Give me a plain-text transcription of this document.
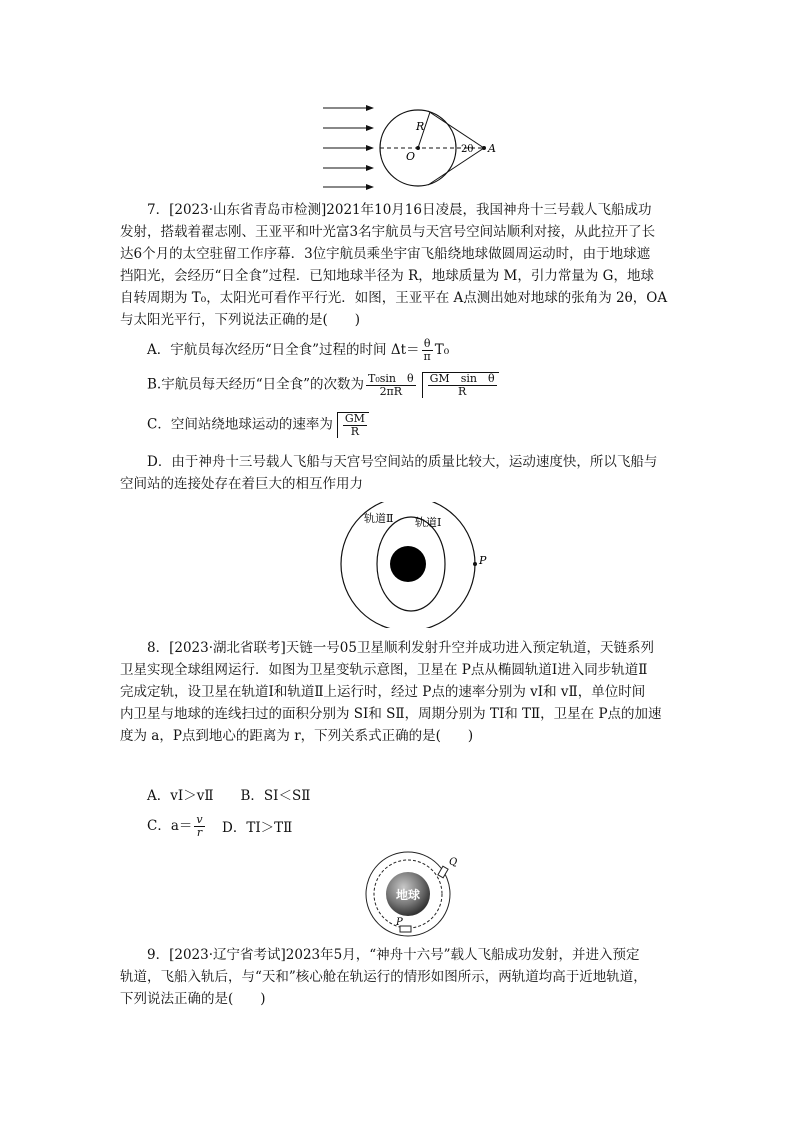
R
O
A
2θ
7．[2023·山东省青岛市检测]2021年10月16日凌晨，我国神舟十三号载人飞船成功
发射，搭载着翟志刚、王亚平和叶光富3名宇航员与天宫号空间站顺利对接，从此拉开了长
达6个月的太空驻留工作序幕．3位宇航员乘坐宇宙飞船绕地球做圆周运动时，由于地球遮
挡阳光，会经历“日全食”过程．已知地球半径为 R，地球质量为 M，引力常量为 G，地球
自转周期为 T₀，太阳光可看作平行光．如图，王亚平在 A点测出她对地球的张角为 2θ，OA
与太阳光平行，下列说法正确的是(　　)
A．宇航员每次经历“日全食”过程的时间 $\Delta t= \frac{\theta}{\pi} T_0$
B.宇航员每天经历“日全食”的次数为 $\frac{\text{T₀sin　θ}}{2\pi R} \frac{\text{GM　sin　θ}}{R}$
C．空间站绕地球运动的速率为 $\frac{GM}{R}$
D．由于神舟十三号载人飞船与天宫号空间站的质量比较大，运动速度快，所以飞船与
空间站的连接处存在着巨大的相互作用力
轨道Ⅱ 轨道Ⅰ
P
8．[2023·湖北省联考]天链一号05卫星顺利发射升空并成功进入预定轨道，天链系列
卫星实现全球组网运行．如图为卫星变轨示意图，卫星在 P点从椭圆轨道Ⅰ进入同步轨道Ⅱ
完成定轨，设卫星在轨道Ⅰ和轨道Ⅱ上运行时，经过 P点的速率分别为 vⅠ和 vⅡ，单位时间
内卫星与地球的连线扫过的面积分别为 SⅠ和 SⅡ，周期分别为 TⅠ和 TⅡ，卫星在 P点的加速
度为 a，P点到地心的距离为 r，下列关系式正确的是(　　)
A．vⅠ＞vⅡ　　B．SⅠ＜SⅡ
C．$a= \frac{v}{r}$ D．TⅠ＞TⅡ
地球
Q
P
9．[2023·辽宁省考试]2023年5月，“神舟十六号”载人飞船成功发射，并进入预定
轨道，飞船入轨后，与“天和”核心舱在轨运行的情形如图所示，两轨道均高于近地轨道，
下列说法正确的是(　　)
